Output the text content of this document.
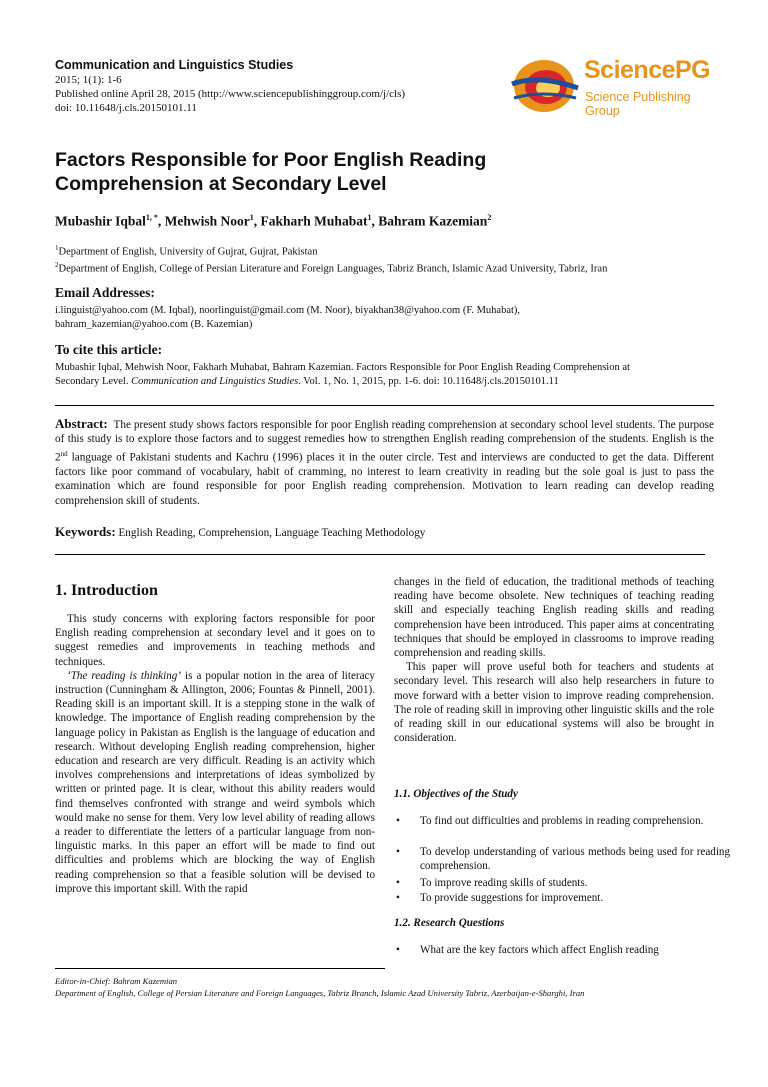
Communication and Linguistics Studies
2015; 1(1): 1-6
Published online April 28, 2015 (http://www.sciencepublishinggroup.com/j/cls)
doi: 10.11648/j.cls.20150101.11
SciencePG
Science Publishing Group
Factors Responsible for Poor English Reading
Comprehension at Secondary Level
Mubashir Iqbal$^{1, *}$, Mehwish Noor$^1$, Fakharh Muhabat$^1$, Bahram Kazemian$^2$
$^1$Department of English, University of Gujrat, Gujrat, Pakistan
$^2$Department of English, College of Persian Literature and Foreign Languages, Tabriz Branch, Islamic Azad University, Tabriz, Iran
Email Addresses:
i.linguist@yahoo.com (M. Iqbal), noorlinguist@gmail.com (M. Noor), biyakhan38@yahoo.com (F. Muhabat),
bahram_kazemian@yahoo.com (B. Kazemian)
To cite this article:
Mubashir Iqbal, Mehwish Noor, Fakharh Muhabat, Bahram Kazemian. Factors Responsible for Poor English Reading Comprehension at
Secondary Level. Communication and Linguistics Studies. Vol. 1, No. 1, 2015, pp. 1-6. doi: 10.11648/j.cls.20150101.11
Abstract: The present study shows factors responsible for poor English reading comprehension at secondary school level students. The purpose of this study is to explore those factors and to suggest remedies how to strengthen English reading comprehension of the students. English is the 2nd language of Pakistani students and Kachru (1996) places it in the outer circle. Test and interviews are conducted to get the data. Different factors like poor command of vocabulary, habit of cramming, no interest to learn creativity in reading but the sole goal is just to pass the examination which are found responsible for poor English reading comprehension. Motivation to learn reading can develop reading comprehension skill of students.
Keywords: English Reading, Comprehension, Language Teaching Methodology
1. Introduction

This study concerns with exploring factors responsible for poor English reading comprehension at secondary level and it goes on to suggest remedies and improvements in teaching methods and techniques.

‘The reading is thinking’ is a popular notion in the area of literacy instruction (Cunningham & Allington, 2006; Fountas & Pinnell, 2001). Reading skill is an important skill. It is a stepping stone in the walk of knowledge. The importance of English reading comprehension by the language policy in Pakistan as English is the language of education and research. Without developing English reading comprehension, higher education and research are very difficult. Reading is an activity which involves comprehensions and interpretations of ideas symbolized by written or printed page. It is clear, without this ability readers would find themselves confronted with strange and weird symbols which would make no sense for them. Very low level ability of reading allows a reader to differentiate the letters of a particular language from non-linguistic marks. In this paper an effort will be made to find out difficulties and problems which are blocking the way of English reading comprehension so that a feasible solution will be devised to improve this important skill. With the rapid

changes in the field of education, the traditional methods of teaching reading have become obsolete. New techniques of teaching reading skill and especially teaching English reading skills and reading comprehension have been introduced. This paper aims at concentrating techniques that should be employed in classrooms to improve reading comprehension and reading skills.

This paper will prove useful both for teachers and students at secondary level. This research will also help researchers in future to move forward with a better vision to improve reading comprehension. The role of reading skill in improving other linguistic skills and the role of reading skill in our educational systems will also be brought in consideration.

1.1. Objectives of the Study
• To find out difficulties and problems in reading comprehension.
• To develop understanding of various methods being used for reading comprehension.
• To improve reading skills of students.
• To provide suggestions for improvement.
1.2. Research Questions
• What are the key factors which affect English reading
Editor-in-Chief: Bahram Kazemian
Department of English, College of Persian Literature and Foreign Languages, Tabriz Branch, Islamic Azad University Tabriz, Azerbaijan-e-Sharghi, Iran
